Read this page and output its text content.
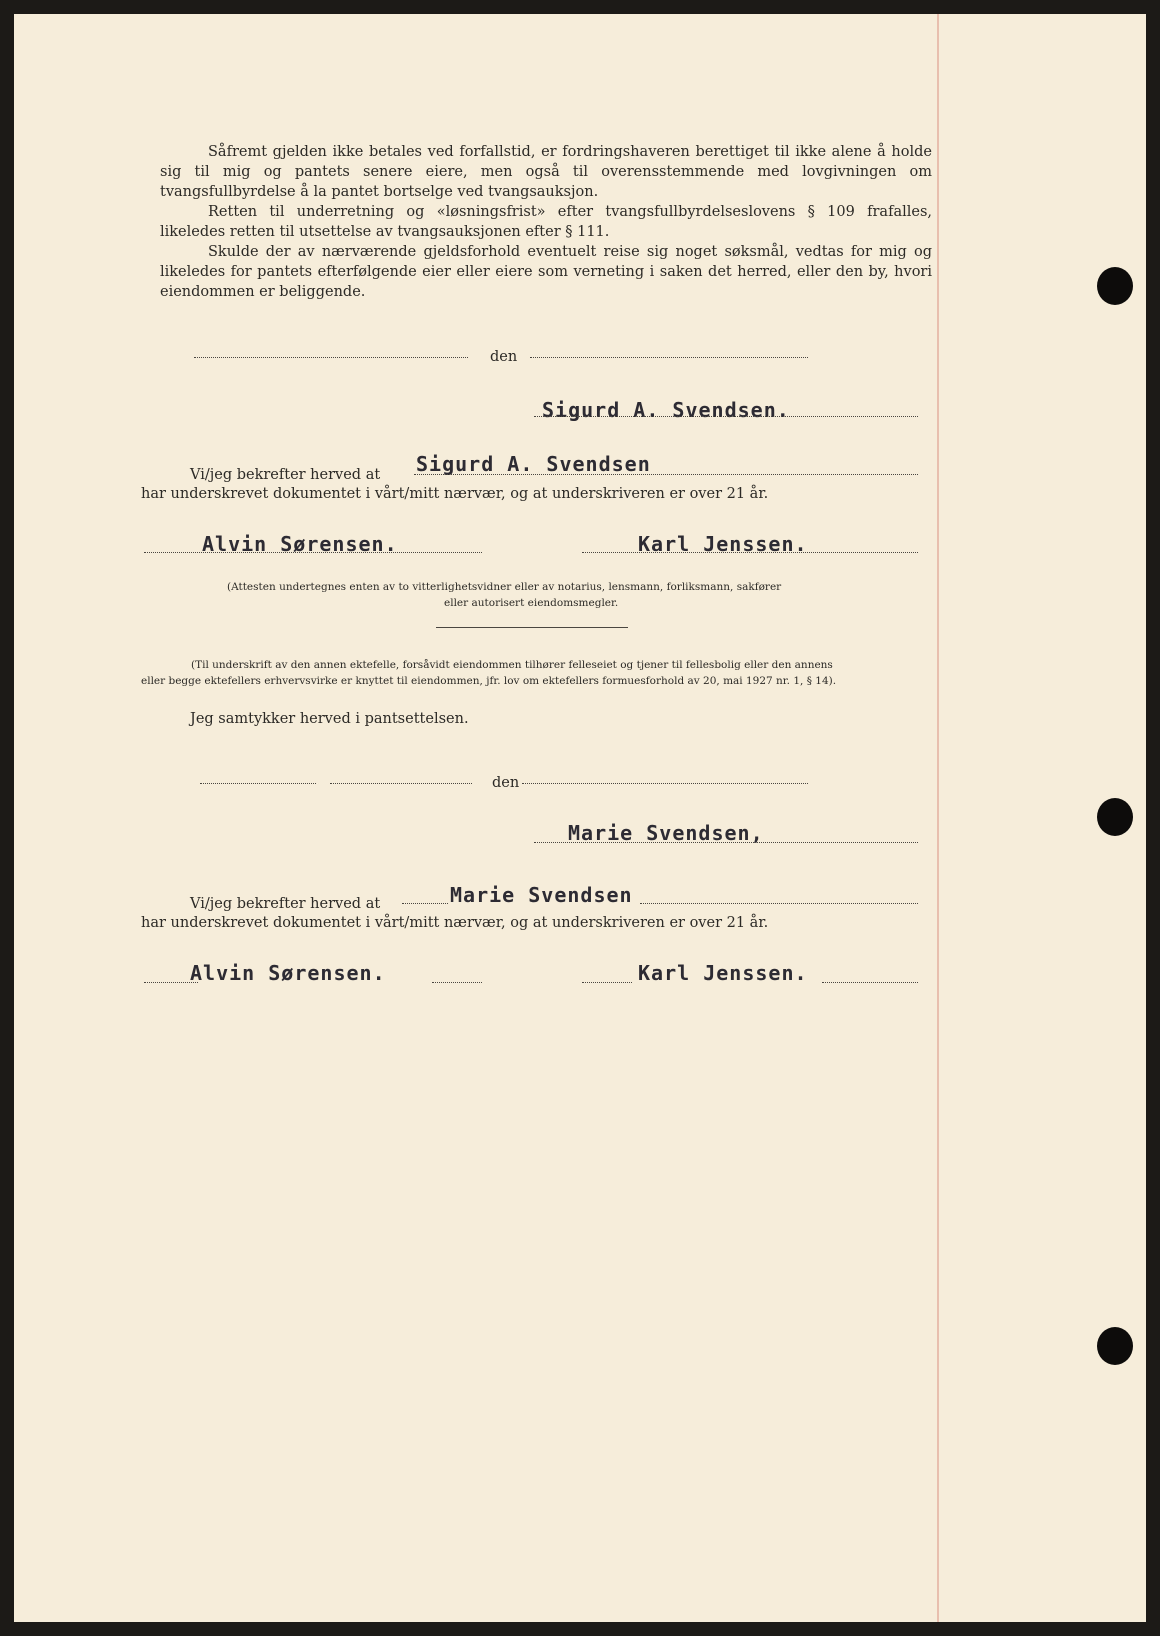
Såfremt gjelden ikke betales ved forfallstid, er fordringshaveren berettiget til ikke alene å holde sig til mig og pantets senere eiere, men også til overensstemmende med lovgivningen om tvangsfullbyrdelse å la pantet bortselge ved tvangsauksjon.

Retten til underretning og «løsningsfrist» efter tvangsfullbyrdelseslovens § 109 frafalles, likeledes retten til utsettelse av tvangsauksjonen efter § 111.

Skulde der av nærværende gjeldsforhold eventuelt reise sig noget søksmål, vedtas for mig og likeledes for pantets efterfølgende eier eller eiere som verneting i saken det herred, eller den by, hvori eiendommen er beliggende.

den
Sigurd A. Svendsen.
Vi/jeg bekrefter herved at Sigurd A. Svendsen
har underskrevet dokumentet i vårt/mitt nærvær, og at underskriveren er over 21 år.
Alvin Sørensen.	Karl Jenssen.
(Attesten undertegnes enten av to vitterlighetsvidner eller av notarius, lensmann, forliksmann, sakfører
eller autorisert eiendomsmegler.
(Til underskrift av den annen ektefelle, forsåvidt eiendommen tilhører felleseiet og tjener til fellesbolig eller den annens
eller begge ektefellers erhvervsvirke er knyttet til eiendommen, jfr. lov om ektefellers formuesforhold av 20, mai 1927 nr. 1, § 14).
Jeg samtykker herved i pantsettelsen.
den
Marie Svendsen,
Vi/jeg bekrefter herved at	Marie Svendsen
har underskrevet dokumentet i vårt/mitt nærvær, og at underskriveren er over 21 år.
Alvin Sørensen.	Karl Jenssen.
